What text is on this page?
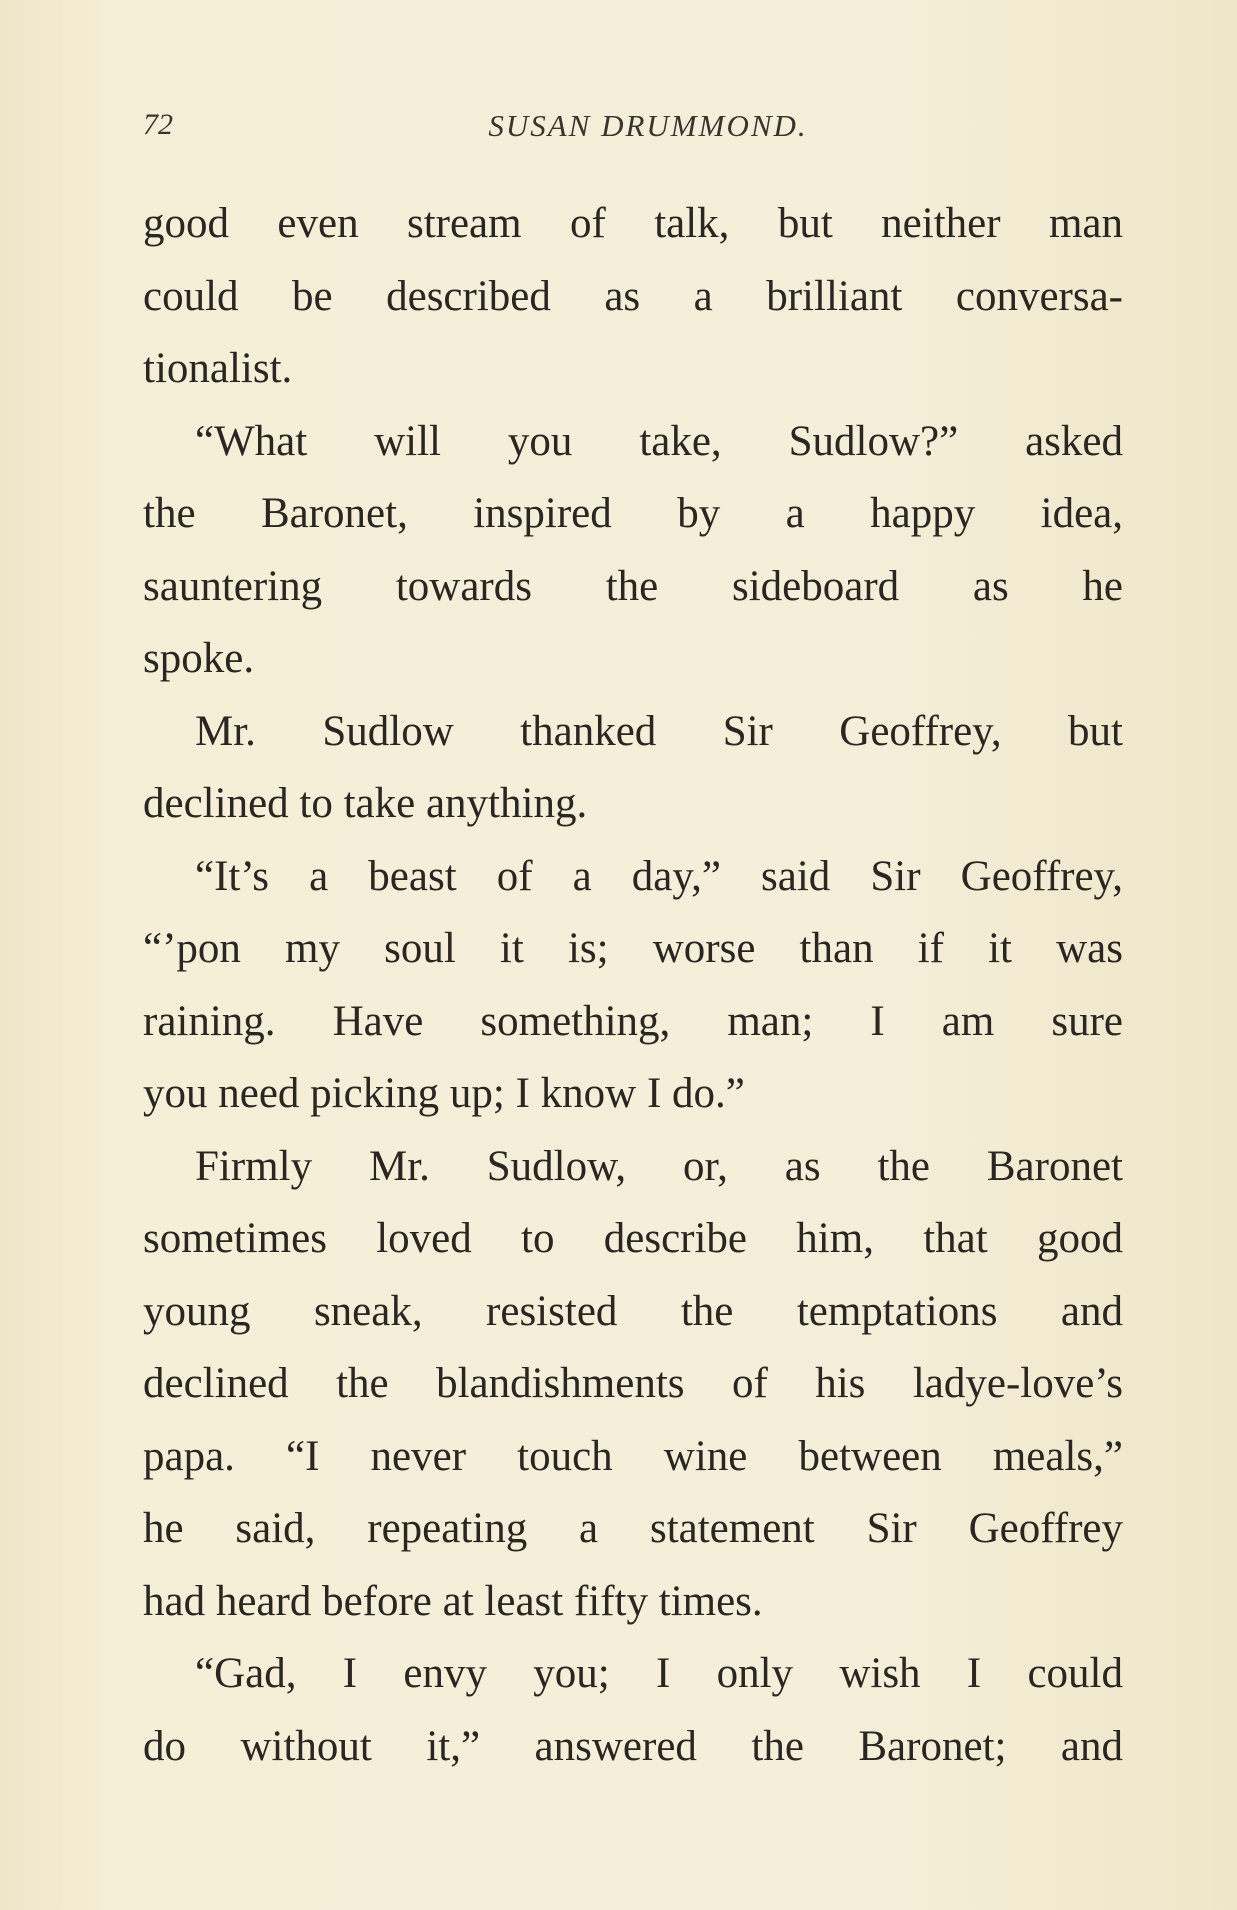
72	SUSAN DRUMMOND.
good even stream of talk, but neither man
could be described as a brilliant conversa-
tionalist.
“What will you take, Sudlow?” asked
the Baronet, inspired by a happy idea,
sauntering towards the sideboard as he
spoke.
Mr. Sudlow thanked Sir Geoffrey, but
declined to take anything.
“It’s a beast of a day,” said Sir Geoffrey,
“’pon my soul it is; worse than if it was
raining. Have something, man; I am sure
you need picking up; I know I do.”
Firmly Mr. Sudlow, or, as the Baronet
sometimes loved to describe him, that good
young sneak, resisted the temptations and
declined the blandishments of his ladye-love’s
papa. “I never touch wine between meals,”
he said, repeating a statement Sir Geoffrey
had heard before at least fifty times.
“Gad, I envy you; I only wish I could
do without it,” answered the Baronet; and
